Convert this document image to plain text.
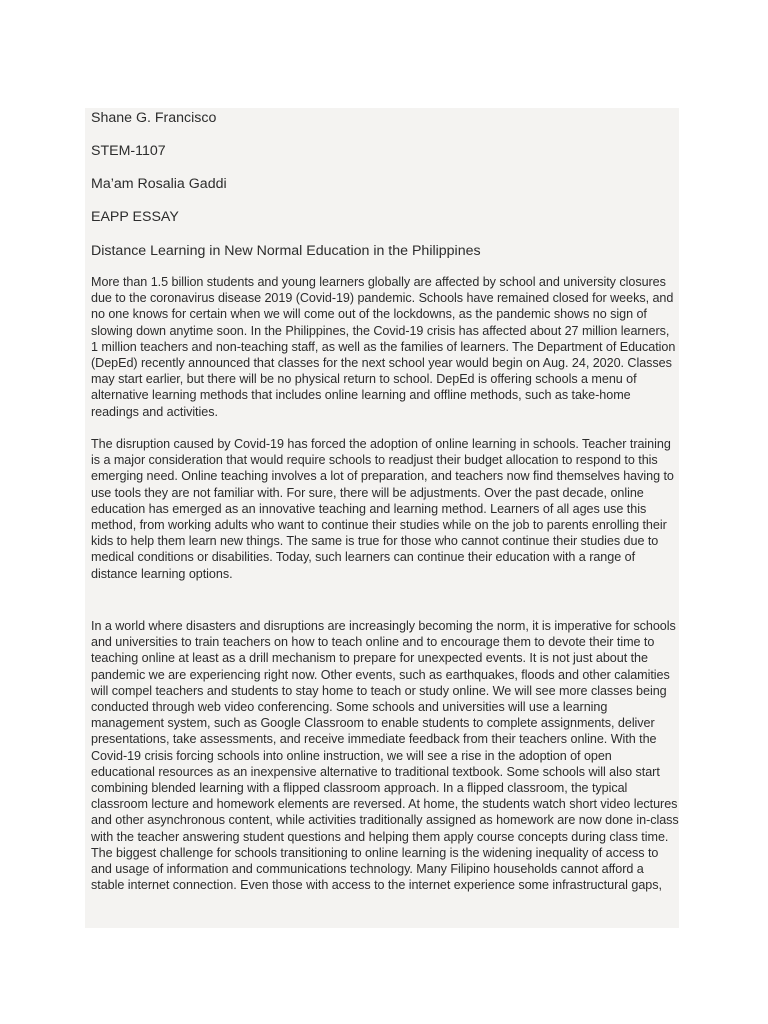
Shane G. Francisco

STEM-1107

Ma’am Rosalia Gaddi

EAPP ESSAY

Distance Learning in New Normal Education in the Philippines

More than 1.5 billion students and young learners globally are affected by school and university closures due to the coronavirus disease 2019 (Covid-19) pandemic. Schools have remained closed for weeks, and no one knows for certain when we will come out of the lockdowns, as the pandemic shows no sign of slowing down anytime soon. In the Philippines, the Covid-19 crisis has affected about 27 million learners, 1 million teachers and non-teaching staff, as well as the families of learners. The Department of Education (DepEd) recently announced that classes for the next school year would begin on Aug. 24, 2020. Classes may start earlier, but there will be no physical return to school. DepEd is offering schools a menu of alternative learning methods that includes online learning and offline methods, such as take-home readings and activities.

The disruption caused by Covid-19 has forced the adoption of online learning in schools. Teacher training is a major consideration that would require schools to readjust their budget allocation to respond to this emerging need. Online teaching involves a lot of preparation, and teachers now find themselves having to use tools they are not familiar with. For sure, there will be adjustments. Over the past decade, online education has emerged as an innovative teaching and learning method. Learners of all ages use this method, from working adults who want to continue their studies while on the job to parents enrolling their kids to help them learn new things. The same is true for those who cannot continue their studies due to medical conditions or disabilities. Today, such learners can continue their education with a range of distance learning options.

In a world where disasters and disruptions are increasingly becoming the norm, it is imperative for schools and universities to train teachers on how to teach online and to encourage them to devote their time to teaching online at least as a drill mechanism to prepare for unexpected events. It is not just about the pandemic we are experiencing right now. Other events, such as earthquakes, floods and other calamities will compel teachers and students to stay home to teach or study online. We will see more classes being conducted through web video conferencing. Some schools and universities will use a learning management system, such as Google Classroom to enable students to complete assignments, deliver presentations, take assessments, and receive immediate feedback from their teachers online. With the Covid-19 crisis forcing schools into online instruction, we will see a rise in the adoption of open educational resources as an inexpensive alternative to traditional textbook. Some schools will also start combining blended learning with a flipped classroom approach. In a flipped classroom, the typical classroom lecture and homework elements are reversed. At home, the students watch short video lectures and other asynchronous content, while activities traditionally assigned as homework are now done in-class with the teacher answering student questions and helping them apply course concepts during class time. The biggest challenge for schools transitioning to online learning is the widening inequality of access to and usage of information and communications technology. Many Filipino households cannot afford a stable internet connection. Even those with access to the internet experience some infrastructural gaps,
